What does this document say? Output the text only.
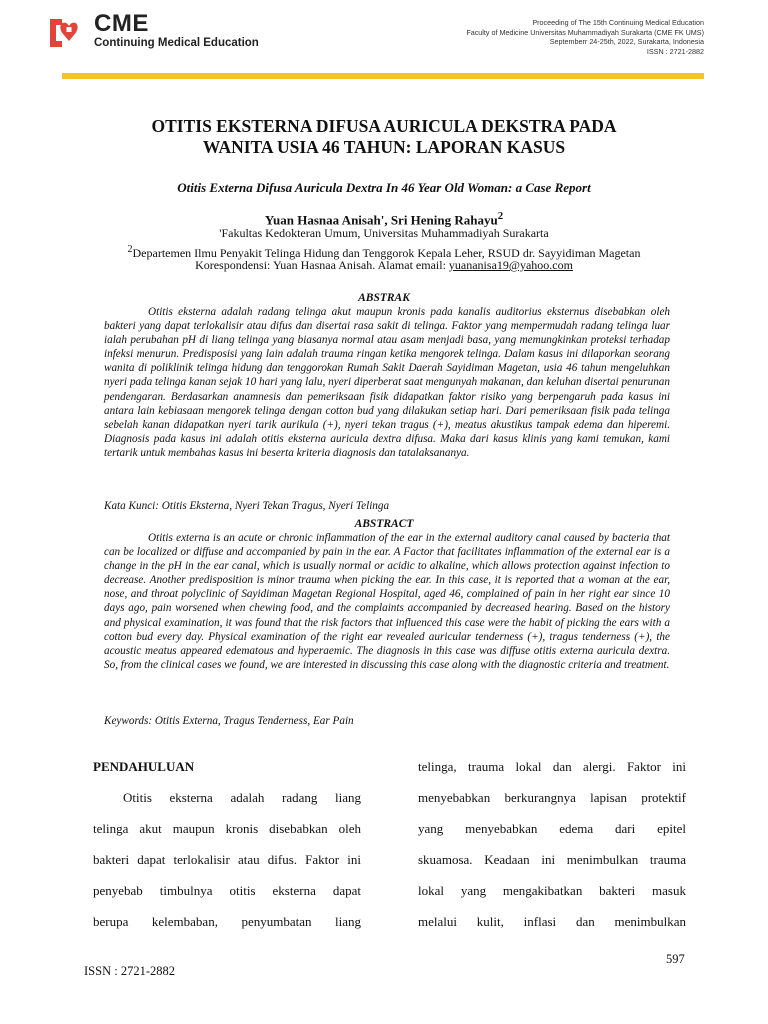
CME
Continuing Medical Education
Proceeding of The 15th Continuing Medical Education
Faculty of Medicine Universitas Muhammadiyah Surakarta (CME FK UMS)
Septemberr 24-25th, 2022, Surakarta, Indonesia
ISSN : 2721-2882
OTITIS EKSTERNA DIFUSA AURICULA DEKSTRA PADA
WANITA USIA 46 TAHUN: LAPORAN KASUS
Otitis Externa Difusa Auricula Dextra In 46 Year Old Woman: a Case Report
Yuan Hasnaa Anisah', Sri Hening Rahayu$^2$
'Fakultas Kedokteran Umum, Universitas Muhammadiyah Surakarta
$^2$Departemen Ilmu Penyakit Telinga Hidung dan Tenggorok Kepala Leher, RSUD dr. Sayyidiman Magetan
Korespondensi: Yuan Hasnaa Anisah. Alamat email: yuananisa19@yahoo.com
ABSTRAK

Otitis eksterna adalah radang telinga akut maupun kronis pada kanalis auditorius eksternus disebabkan oleh bakteri yang dapat terlokalisir atau difus dan disertai rasa sakit di telinga. Faktor yang mempermudah radang telinga luar ialah perubahan pH di liang telinga yang biasanya normal atau asam menjadi basa, yang memungkinkan proteksi terhadap infeksi menurun. Predisposisi yang lain adalah trauma ringan ketika mengorek telinga. Dalam kasus ini dilaporkan seorang wanita di poliklinik telinga hidung dan tenggorokan Rumah Sakit Daerah Sayidiman Magetan, usia 46 tahun mengeluhkan nyeri pada telinga kanan sejak 10 hari yang lalu, nyeri diperberat saat mengunyah makanan, dan keluhan disertai penurunan pendengaran. Berdasarkan anamnesis dan pemeriksaan fisik didapatkan faktor risiko yang berpengaruh pada kasus ini antara lain kebiasaan mengorek telinga dengan cotton bud yang dilakukan setiap hari. Dari pemeriksaan fisik pada telinga sebelah kanan didapatkan nyeri tarik aurikula (+), nyeri tekan tragus (+), meatus akustikus tampak edema dan hiperemi. Diagnosis pada kasus ini adalah otitis eksterna auricula dextra difusa. Maka dari kasus klinis yang kami temukan, kami tertarik untuk membahas kasus ini beserta kriteria diagnosis dan tatalaksananya.

Kata Kunci: Otitis Eksterna, Nyeri Tekan Tragus, Nyeri Telinga
ABSTRACT

Otitis externa is an acute or chronic inflammation of the ear in the external auditory canal caused by bacteria that can be localized or diffuse and accompanied by pain in the ear. A Factor that facilitates inflammation of the external ear is a change in the pH in the ear canal, which is usually normal or acidic to alkaline, which allows protection against infection to decrease. Another predisposition is minor trauma when picking the ear. In this case, it is reported that a woman at the ear, nose, and throat polyclinic of Sayidiman Magetan Regional Hospital, aged 46, complained of pain in her right ear since 10 days ago, pain worsened when chewing food, and the complaints accompanied by decreased hearing. Based on the history and physical examination, it was found that the risk factors that influenced this case were the habit of picking the ears with a cotton bud every day. Physical examination of the right ear revealed auricular tenderness (+), tragus tenderness (+), the acoustic meatus appeared edematous and hyperaemic. The diagnosis in this case was diffuse otitis externa auricula dextra. So, from the clinical cases we found, we are interested in discussing this case along with the diagnostic criteria and treatment.

Keywords: Otitis Externa, Tragus Tenderness, Ear Pain
PENDAHULUAN
Otitis eksterna adalah radang liang
telinga akut maupun kronis disebabkan oleh
bakteri dapat terlokalisir atau difus. Faktor ini
penyebab timbulnya otitis eksterna dapat
berupa kelembaban, penyumbatan liang
telinga, trauma lokal dan alergi. Faktor ini
menyebabkan berkurangnya lapisan protektif
yang menyebabkan edema dari epitel
skuamosa. Keadaan ini menimbulkan trauma
lokal yang mengakibatkan bakteri masuk
melalui kulit, inflasi dan menimbulkan
597
ISSN : 2721-2882
